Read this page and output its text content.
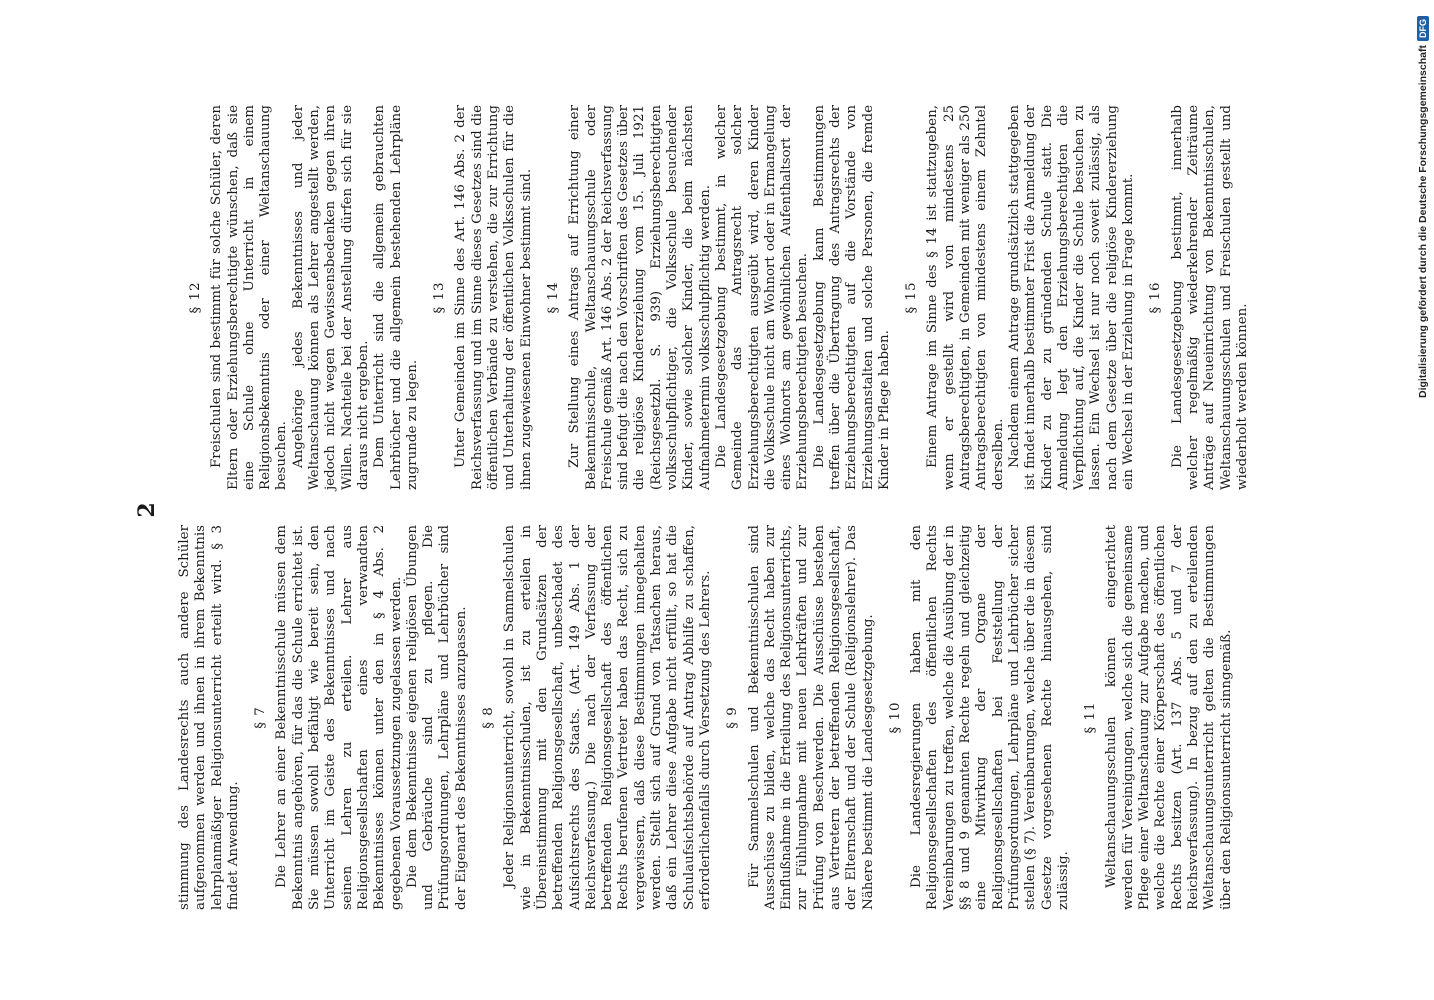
2

stimmung des Landesrechts auch andere Schüler aufgenommen werden und ihnen in ihrem Bekenntnis lehrplanmäßiger Religionsunterricht erteilt wird. § 3 findet Anwendung.

§ 7 Die Lehrer an einer Bekenntnisschule müssen dem Bekenntnis angehören, für das die Schule errichtet ist. Sie müssen sowohl befähigt wie bereit sein, den Unterricht im Geiste des Bekenntnisses und nach seinen Lehren zu erteilen. Lehrer aus Religionsgesellschaften eines verwandten Bekenntnisses können unter den in § 4 Abs. 2 gegebenen Voraussetzungen zugelassen werden. Die dem Bekenntnisse eigenen religiösen Übungen und Gebräuche sind zu pflegen. Die Prüfungsordnungen, Lehrpläne und Lehrbücher sind der Eigenart des Bekenntnisses anzupassen. § 8 Jeder Religionsunterricht, sowohl in Sammelschulen wie in Bekenntnisschulen, ist zu erteilen in Übereinstimmung mit den Grundsätzen der betreffenden Religionsgesellschaft, unbeschadet des Aufsichtsrechts des Staats. (Art. 149 Abs. 1 der Reichsverfassung.) Die nach der Verfassung der betreffenden Religionsgesellschaft des öffentlichen Rechts berufenen Vertreter haben das Recht, sich zu vergewissern, daß diese Bestimmungen innegehalten werden. Stellt sich auf Grund von Tatsachen heraus, daß ein Lehrer diese Aufgabe nicht erfüllt, so hat die Schulaufsichtsbehörde auf Antrag Abhilfe zu schaffen, erforderlichenfalls durch Versetzung des Lehrers. § 9 Für Sammelschulen und Bekenntnisschulen sind Ausschüsse zu bilden, welche das Recht haben zur Einflußnahme in die Erteilung des Religionsunterrichts, zur Fühlungnahme mit neuen Lehrkräften und zur Prüfung von Beschwerden. Die Ausschüsse bestehen aus Vertretern der betreffenden Religionsgesellschaft, der Elternschaft und der Schule (Religionslehrer). Das Nähere bestimmt die Landesgesetzgebung. § 10 Die Landesregierungen haben mit den Religionsgesellschaften des öffentlichen Rechts Vereinbarungen zu treffen, welche die Ausübung der in §§ 8 und 9 genannten Rechte regeln und gleichzeitig eine Mitwirkung der Organe der Religionsgesellschaften bei Feststellung der Prüfungsordnungen, Lehrpläne und Lehrbücher sicher stellen (§ 7). Vereinbarungen, welche über die in diesem Gesetze vorgesehenen Rechte hinausgehen, sind zulässig.

§ 11 Weltanschauungsschulen können eingerichtet werden für Vereinigungen, welche sich die gemeinsame Pflege einer Weltanschauung zur Aufgabe machen, und welche die Rechte einer Körperschaft des öffentlichen Rechts besitzen (Art. 137 Abs. 5 und 7 der Reichsverfassung). In bezug auf den zu erteilenden Weltanschauungsunterricht gelten die Bestimmungen über den Religionsunterricht sinngemäß.

§ 12 Freischulen sind bestimmt für solche Schüler, deren Eltern oder Erziehungsberechtigte wünschen, daß sie eine Schule ohne Unterricht in einem Religionsbekenntnis oder einer Weltanschauung besuchen. Angehörige jedes Bekenntnisses und jeder Weltanschauung können als Lehrer angestellt werden, jedoch nicht wegen Gewissensbedenken gegen ihren Willen. Nachteile bei der Anstellung dürfen sich für sie daraus nicht ergeben. Dem Unterricht sind die allgemein gebrauchten Lehrbücher und die allgemein bestehenden Lehrpläne zugrunde zu legen.

§ 13 Unter Gemeinden im Sinne des Art. 146 Abs. 2 der Reichsverfassung und im Sinne dieses Gesetzes sind die öffentlichen Verbände zu verstehen, die zur Errichtung und Unterhaltung der öffentlichen Volksschulen für die ihnen zugewiesenen Einwohner bestimmt sind. § 14 Zur Stellung eines Antrags auf Errichtung einer Bekenntnisschule, Weltanschauungsschule oder Freischule gemäß Art. 146 Abs. 2 der Reichsverfassung sind befugt die nach den Vorschriften des Gesetzes über die religiöse Kindererziehung vom 15. Juli 1921 (Reichsgesetzbl. S. 939) Erziehungsberechtigten volksschulpflichtiger, die Volksschule besuchender Kinder, sowie solcher Kinder, die beim nächsten Aufnahmetermin volksschulpflichtig werden. Die Landesgesetzgebung bestimmt, in welcher Gemeinde das Antragsrecht solcher Erziehungsberechtigten ausgeübt wird, deren Kinder die Volksschule nicht am Wohnort oder in Ermangelung eines Wohnorts am gewöhnlichen Aufenthaltsort der Erziehungsberechtigten besuchen. Die Landesgesetzgebung kann Bestimmungen treffen über die Übertragung des Antragsrechts der Erziehungsberechtigten auf die Vorstände von Erziehungsanstalten und solche Personen, die fremde Kinder in Pflege haben.

§ 15 Einem Antrage im Sinne des § 14 ist stattzugeben, wenn er gestellt wird von mindestens 25 Antragsberechtigten, in Gemeinden mit weniger als 250 Antragsberechtigten von mindestens einem Zehntel derselben. Nachdem einem Antrage grundsätzlich stattgegeben ist findet innerhalb bestimmter Frist die Anmeldung der Kinder zu der zu gründenden Schule statt. Die Anmeldung legt den Erziehungsberechtigten die Verpflichtung auf, die Kinder die Schule besuchen zu lassen. Ein Wechsel ist nur noch soweit zulässig, als nach dem Gesetze über die religiöse Kindererziehung ein Wechsel in der Erziehung in Frage kommt. § 16 Die Landesgesetzgebung bestimmt, innerhalb welcher regelmäßig wiederkehrender Zeiträume Anträge auf Neueinrichtung von Bekenntnisschulen, Weltanschauungsschulen und Freischulen gestellt und wiederholt werden können.	Digitalisierung gefördert durch die Deutsche Forschungsgemeinschaft
DFG
